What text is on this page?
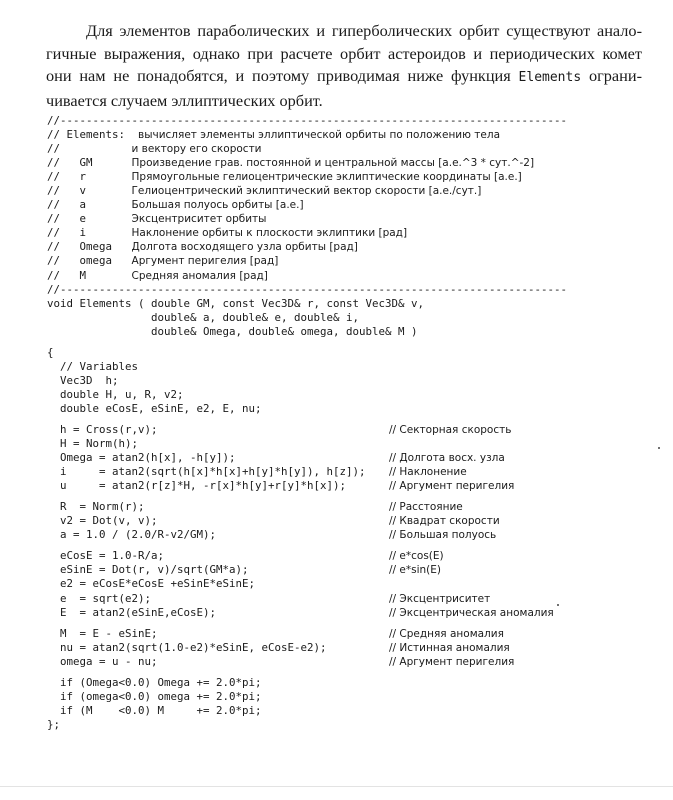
Для элементов параболических и гиперболических орбит существуют анало-
гичные выражения, однако при расчете орбит астероидов и периодических комет
они нам не понадобятся, и поэтому приводимая ниже функция Elements ограни-
чивается случаем эллиптических орбит.
//------------------------------------------------------------------------------
// Elements:  вычисляет элементы эллиптической орбиты по положению тела
//           и вектору его скорости
//   GM      Произведение грав. постоянной и центральной массы [а.е.^3 * сут.^-2]
//   r       Прямоугольные гелиоцентрические эклиптические координаты [а.е.]
//   v       Гелиоцентрический эклиптический вектор скорости [а.е./сут.]
//   a       Большая полуось орбиты [а.е.]
//   e       Эксцентриситет орбиты
//   i       Наклонение орбиты к плоскости эклиптики [рад]
//   Omega   Долгота восходящего узла орбиты [рад]
//   omega   Аргумент перигелия [рад]
//   M       Средняя аномалия [рад]
//------------------------------------------------------------------------------
void Elements ( double GM, const Vec3D& r, const Vec3D& v,
double& a, double& e, double& i,
double& Omega, double& omega, double& M )
{
// Variables
Vec3D  h;
double H, u, R, v2;
double eCosE, eSinE, e2, E, nu;
h = Cross(r,v);	// Секторная скорость
H = Norm(h);
Omega = atan2(h[x], -h[y]);	// Долгота восх. узла
i     = atan2(sqrt(h[x]*h[x]+h[y]*h[y]), h[z]); // Наклонение
u     = atan2(r[z]*H, -r[x]*h[y]+r[y]*h[x]);	// Аргумент перигелия
R  = Norm(r);	// Расстояние
v2 = Dot(v, v);	// Квадрат скорости
a = 1.0 / (2.0/R-v2/GM);	// Большая полуось
eCosE = 1.0-R/a;	// e*cos(E)
eSinE = Dot(r, v)/sqrt(GM*a);	// e*sin(E)
e2 = eCosE*eCosE +eSinE*eSinE;
e  = sqrt(e2);	// Эксцентриситет
E  = atan2(eSinE,eCosE);	// Эксцентрическая аномалия
M  = E - eSinE;	// Средняя аномалия
nu = atan2(sqrt(1.0-e2)*eSinE, eCosE-e2);	// Истинная аномалия
omega = u - nu;	// Аргумент перигелия
if (Omega<0.0) Omega += 2.0*pi;
if (omega<0.0) omega += 2.0*pi;
if (M    <0.0) M     += 2.0*pi;
};
